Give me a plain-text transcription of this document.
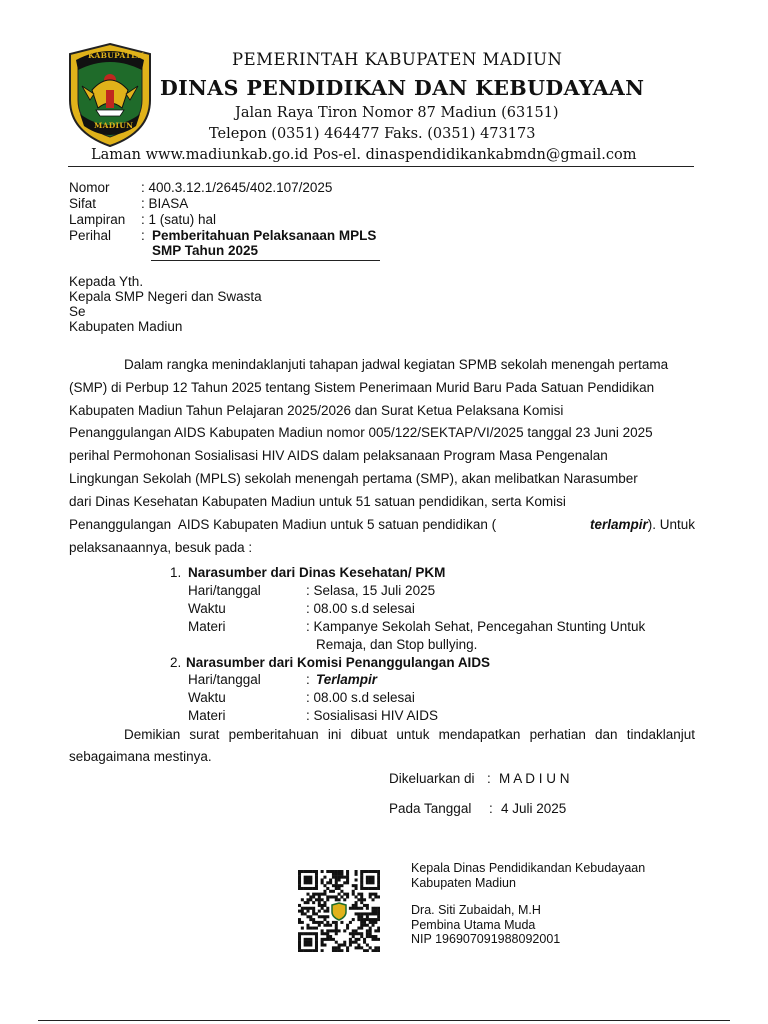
KABUPATEN
MADIUN
PEMERINTAH KABUPATEN MADIUN
DINAS PENDIDIKAN DAN KEBUDAYAAN
Jalan Raya Tiron Nomor 87 Madiun (63151)
Telepon (0351) 464477 Faks. (0351) 473173
Laman www.madiunkab.go.id Pos-el. dinaspendidikankabmdn@gmail.com
Nomor : 400.3.12.1/2645/402.107/2025
Sifat	: BIASA
Lampiran : 1 (satu) hal
Perihal : Pemberitahuan Pelaksanaan MPLS
SMP Tahun 2025
Kepada Yth.
Kepala SMP Negeri dan Swasta
Se
Kabupaten Madiun
Dalam rangka menindaklanjuti tahapan jadwal kegiatan SPMB sekolah menengah pertama
(SMP) di Perbup 12 Tahun 2025 tentang Sistem Penerimaan Murid Baru Pada Satuan Pendidikan
Kabupaten Madiun Tahun Pelajaran 2025/2026 dan Surat Ketua Pelaksana Komisi
Penanggulangan AIDS Kabupaten Madiun nomor 005/122/SEKTAP/VI/2025 tanggal 23 Juni 2025
perihal Permohonan Sosialisasi HIV AIDS dalam pelaksanaan Program Masa Pengenalan
Lingkungan Sekolah (MPLS) sekolah menengah pertama (SMP), akan melibatkan Narasumber
dari Dinas Kesehatan Kabupaten Madiun untuk 51 satuan pendidikan, serta Komisi
Penanggulangan  AIDS Kabupaten Madiun untuk 5 satuan pendidikan (	terlampir). Untuk
pelaksanaannya, besuk pada :
1. Narasumber dari Dinas Kesehatan/ PKM
Hari/tanggal	: Selasa, 15 Juli 2025
Waktu	: 08.00 s.d selesai
Materi	: Kampanye Sekolah Sehat, Pencegahan Stunting Untuk
Remaja, dan Stop bullying.
2. Narasumber dari Komisi Penanggulangan AIDS
Hari/tanggal	: Terlampir
Waktu	: 08.00 s.d selesai
Materi	: Sosialisasi HIV AIDS
Demikian surat pemberitahuan ini dibuat untuk mendapatkan perhatian dan tindaklanjut
sebagaimana mestinya.
Dikeluarkan di : M A D I U N
Pada Tanggal : 4 Juli 2025
Kepala Dinas Pendidikandan Kebudayaan
Kabupaten Madiun
Dra. Siti Zubaidah, M.H
Pembina Utama Muda
NIP 196907091988092001
